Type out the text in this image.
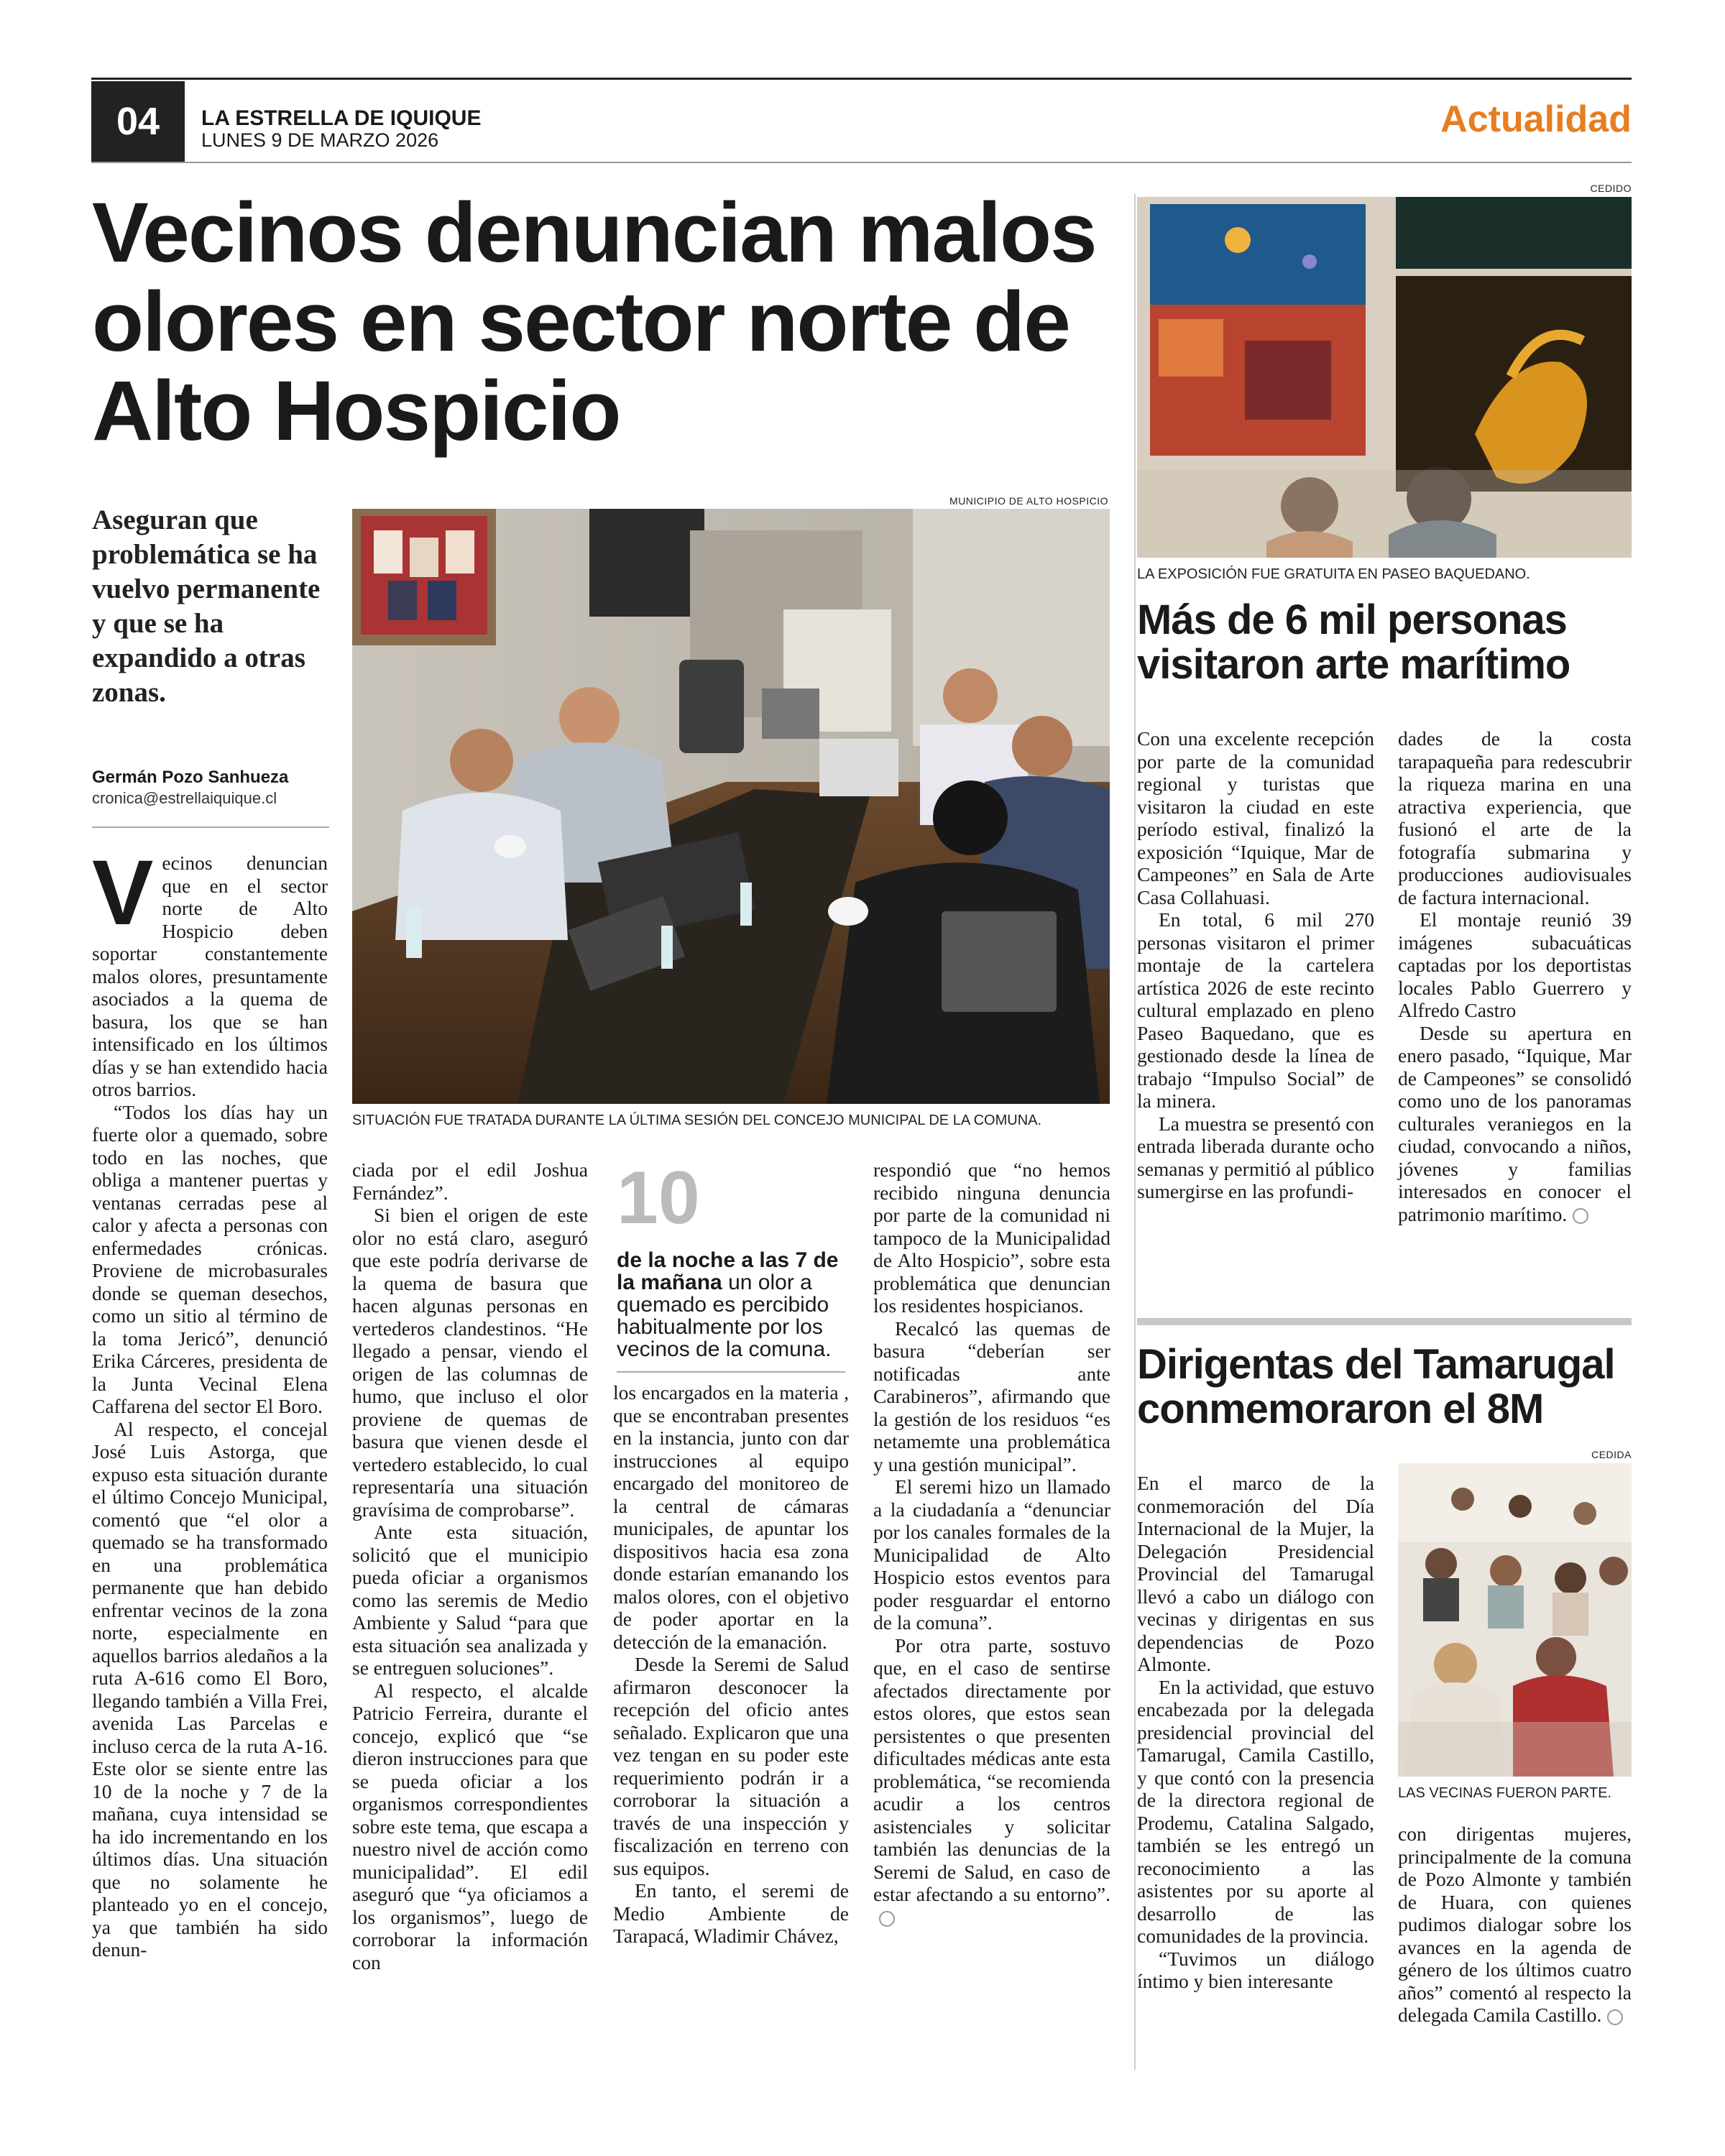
04	LA ESTRELLA DE IQUIQUE
LUNES 9 DE MARZO 2026	Actualidad
Vecinos denuncian malos olores en sector norte de Alto Hospicio
Aseguran que problemática se ha vuelvo permanente y que se ha expandido a otras zonas.
Germán Pozo Sanhueza
cronica@estrellaiquique.cl
MUNICIPIO DE ALTO HOSPICIO
SITUACIÓN FUE TRATADA DURANTE LA ÚLTIMA SESIÓN DEL CONCEJO MUNICIPAL DE LA COMUNA.

Vecinos denuncian que en el sector norte de Alto Hospicio deben soportar constantemente malos olores, presuntamente asociados a la quema de basura, los que se han intensificado en los últimos días y se han extendido hacia otros barrios.

“Todos los días hay un fuerte olor a quemado, sobre todo en las noches, que obliga a mantener puertas y ventanas cerradas pese al calor y afecta a personas con enfermedades crónicas. Proviene de microbasurales donde se queman desechos, como un sitio al término de la toma Jericó”, denunció Erika Cárceres, presidenta de la Junta Vecinal Elena Caffarena del sector El Boro.

Al respecto, el concejal José Luis Astorga, que expuso esta situación durante el último Concejo Municipal, comentó que “el olor a quemado se ha transformado en una problemática permanente que han debido enfrentar vecinos de la zona norte, especialmente en aquellos barrios aledaños a la ruta A-616 como El Boro, llegando también a Villa Frei, avenida Las Parcelas e incluso cerca de la ruta A-16. Este olor se siente entre las 10 de la noche y 7 de la mañana, cuya intensidad se ha ido incrementando en los últimos días. Una situación que no solamente he planteado yo en el concejo, ya que también ha sido denun-

ciada por el edil Joshua Fernández”.

Si bien el origen de este olor no está claro, aseguró que este podría derivarse de la quema de basura que hacen algunas personas en vertederos clandestinos. “He llegado a pensar, viendo el origen de las columnas de humo, que incluso el olor proviene de quemas de basura que vienen desde el vertedero establecido, lo cual representaría una situación gravísima de comprobarse”.

Ante esta situación, solicitó que el municipio pueda oficiar a organismos como las seremis de Medio Ambiente y Salud “para que esta situación sea analizada y se entreguen soluciones”.

Al respecto, el alcalde Patricio Ferreira, durante el concejo, explicó que “se dieron instrucciones para que se pueda oficiar a los organismos correspondientes sobre este tema, que escapa a nuestro nivel de acción como municipalidad”. El edil aseguró que “ya oficiamos a los organismos”, luego de corroborar la información con

10
de la noche a las 7 de la mañana un olor a quemado es percibido habitualmente por los vecinos de la comuna.

los encargados en la materia , que se encontraban presentes en la instancia, junto con dar instrucciones al equipo encargado del monitoreo de la central de cámaras municipales, de apuntar los dispositivos hacia esa zona donde estarían emanando los malos olores, con el objetivo de poder aportar en la detección de la emanación.

Desde la Seremi de Salud afirmaron desconocer la recepción del oficio antes señalado. Explicaron que una vez tengan en su poder este requerimiento podrán ir a corroborar la situación a través de una inspección y fiscalización en terreno con sus equipos.

En tanto, el seremi de Medio Ambiente de Tarapacá, Wladimir Chávez,

respondió que “no hemos recibido ninguna denuncia por parte de la comunidad ni tampoco de la Municipalidad de Alto Hospicio”, sobre esta problemática que denuncian los residentes hospicianos.

Recalcó las quemas de basura “deberían ser notificadas ante Carabineros”, afirmando que la gestión de los residuos “es netamemte una problemática y una gestión municipal”.

El seremi hizo un llamado a la ciudadanía a “denunciar por los canales formales de la Municipalidad de Alto Hospicio estos eventos para poder resguardar el entorno de la comuna”.

Por otra parte, sostuvo que, en el caso de sentirse afectados directamente por estos olores, que estos sean persistentes o que presenten dificultades médicas ante esta problemática, “se recomienda acudir a los centros asistenciales y solicitar también las denuncias de la Seremi de Salud, en caso de estar afectando a su entorno”.

CEDIDO
LA EXPOSICIÓN FUE GRATUITA EN PASEO BAQUEDANO.
Más de 6 mil personas visitaron arte marítimo

Con una excelente recepción por parte de la comunidad regional y turistas que visitaron la ciudad en este período estival, finalizó la exposición “Iquique, Mar de Campeones” en Sala de Arte Casa Collahuasi.

En total, 6 mil 270 personas visitaron el primer montaje de la cartelera artística 2026 de este recinto cultural emplazado en pleno Paseo Baquedano, que es gestionado desde la línea de trabajo “Impulso Social” de la minera.

La muestra se presentó con entrada liberada durante ocho semanas y permitió al público sumergirse en las profundi-

dades de la costa tarapaqueña para redescubrir la riqueza marina en una atractiva experiencia, que fusionó el arte de la fotografía submarina y producciones audiovisuales de factura internacional.

El montaje reunió 39 imágenes subacuáticas captadas por los deportistas locales Pablo Guerrero y Alfredo Castro

Desde su apertura en enero pasado, “Iquique, Mar de Campeones” se consolidó como uno de los panoramas culturales veraniegos en la ciudad, convocando a niños, jóvenes y familias interesados en conocer el patrimonio marítimo.

Dirigentas del Tamarugal conmemoraron el 8M
CEDIDA
LAS VECINAS FUERON PARTE.

En el marco de la conmemoración del Día Internacional de la Mujer, la Delegación Presidencial Provincial del Tamarugal llevó a cabo un diálogo con vecinas y dirigentas en sus dependencias de Pozo Almonte.

En la actividad, que estuvo encabezada por la delegada presidencial provincial del Tamarugal, Camila Castillo, y que contó con la presencia de la directora regional de Prodemu, Catalina Salgado, también se les entregó un reconocimiento a las asistentes por su aporte al desarrollo de las comunidades de la provincia.

“Tuvimos un diálogo íntimo y bien interesante

con dirigentas mujeres, principalmente de la comuna de Pozo Almonte y también de Huara, con quienes pudimos dialogar sobre los avances en la agenda de género de los últimos cuatro años” comentó al respecto la delegada Camila Castillo.
